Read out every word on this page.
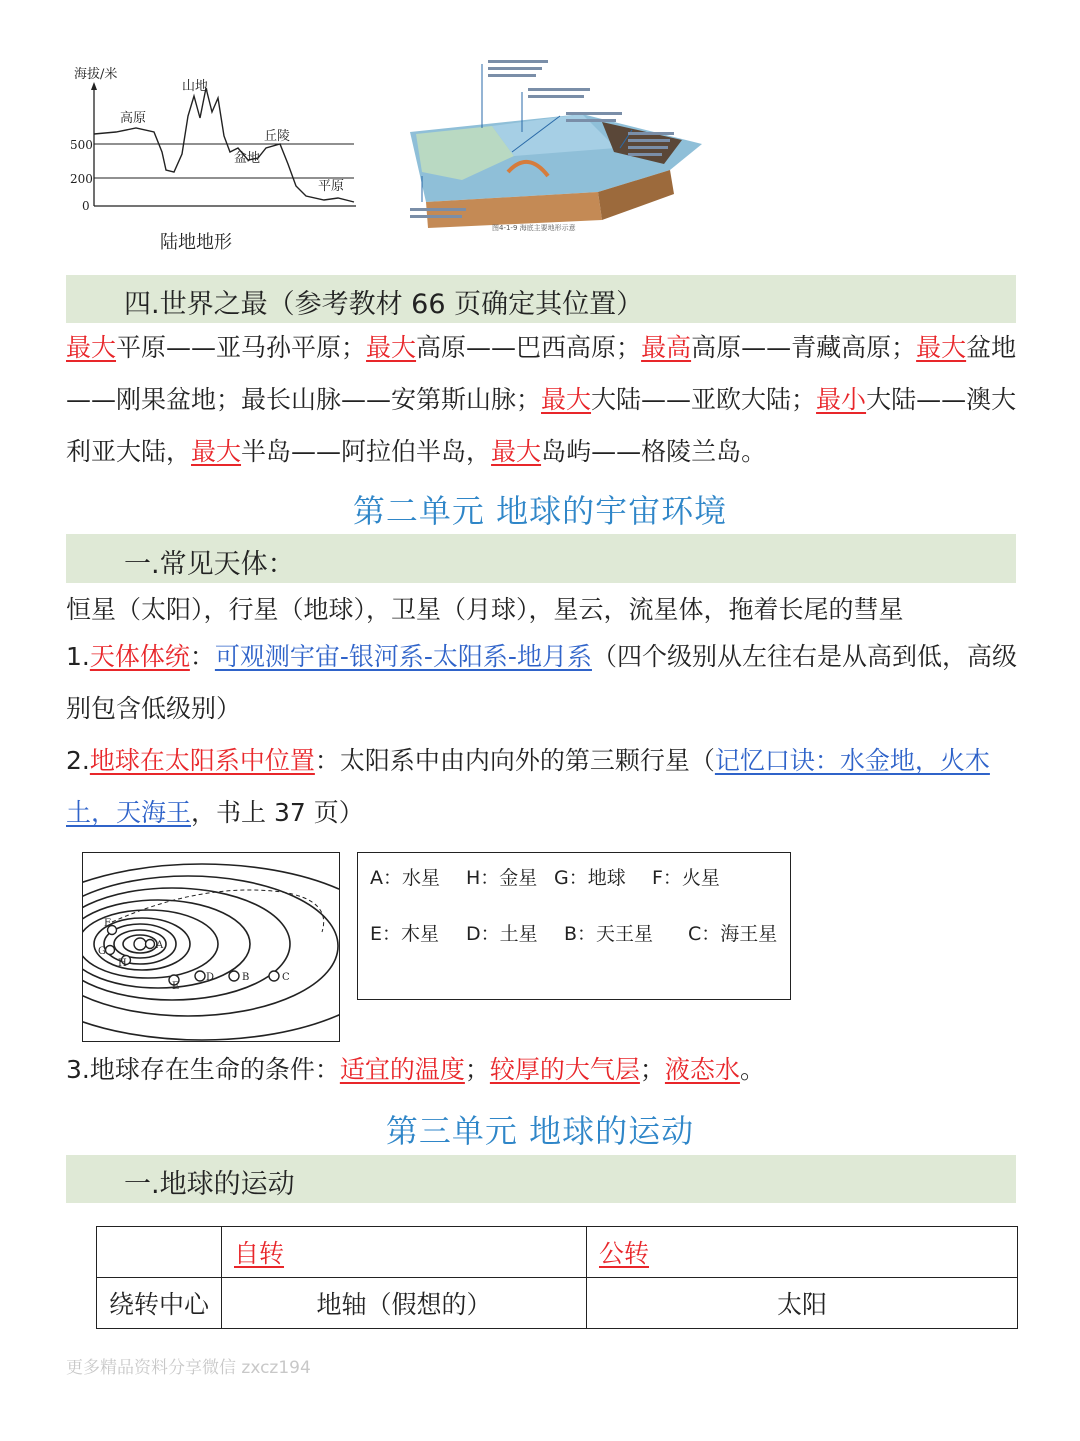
海拔/米
500
200
0
高原
山地
丘陵
盆地
平原
陆地地形
图4-1-9 海底主要地形示意
四.世界之最（参考教材 66 页确定其位置）
最大平原——亚马孙平原；最大高原——巴西高原；最高高原——青藏高原；最大盆地——刚果盆地；最长山脉——安第斯山脉；最大大陆——亚欧大陆；最小大陆——澳大利亚大陆，最大半岛——阿拉伯半岛，最大岛屿——格陵兰岛。
第二单元 地球的宇宙环境
一.常见天体：
恒星（太阳），行星（地球），卫星（月球），星云，流星体，拖着长尾的彗星
1.天体体统：可观测宇宙-银河系-太阳系-地月系（四个级别从左往右是从高到低，高级别包含低级别）
2.地球在太阳系中位置：太阳系中由内向外的第三颗行星（记忆口诀：水金地，火木土，天海王，书上 37 页）
F
G
H
A
E
D	B	C
A：水星 H：金星 G：地球 F：火星
E：木星 D：土星 B：天王星 C：海王星
3.地球存在生命的条件：适宜的温度；较厚的大气层；液态水。
第三单元 地球的运动
一.地球的运动
	自转	公转
绕转中心	地轴（假想的）	太阳
更多精品资料分享微信 zxcz194
